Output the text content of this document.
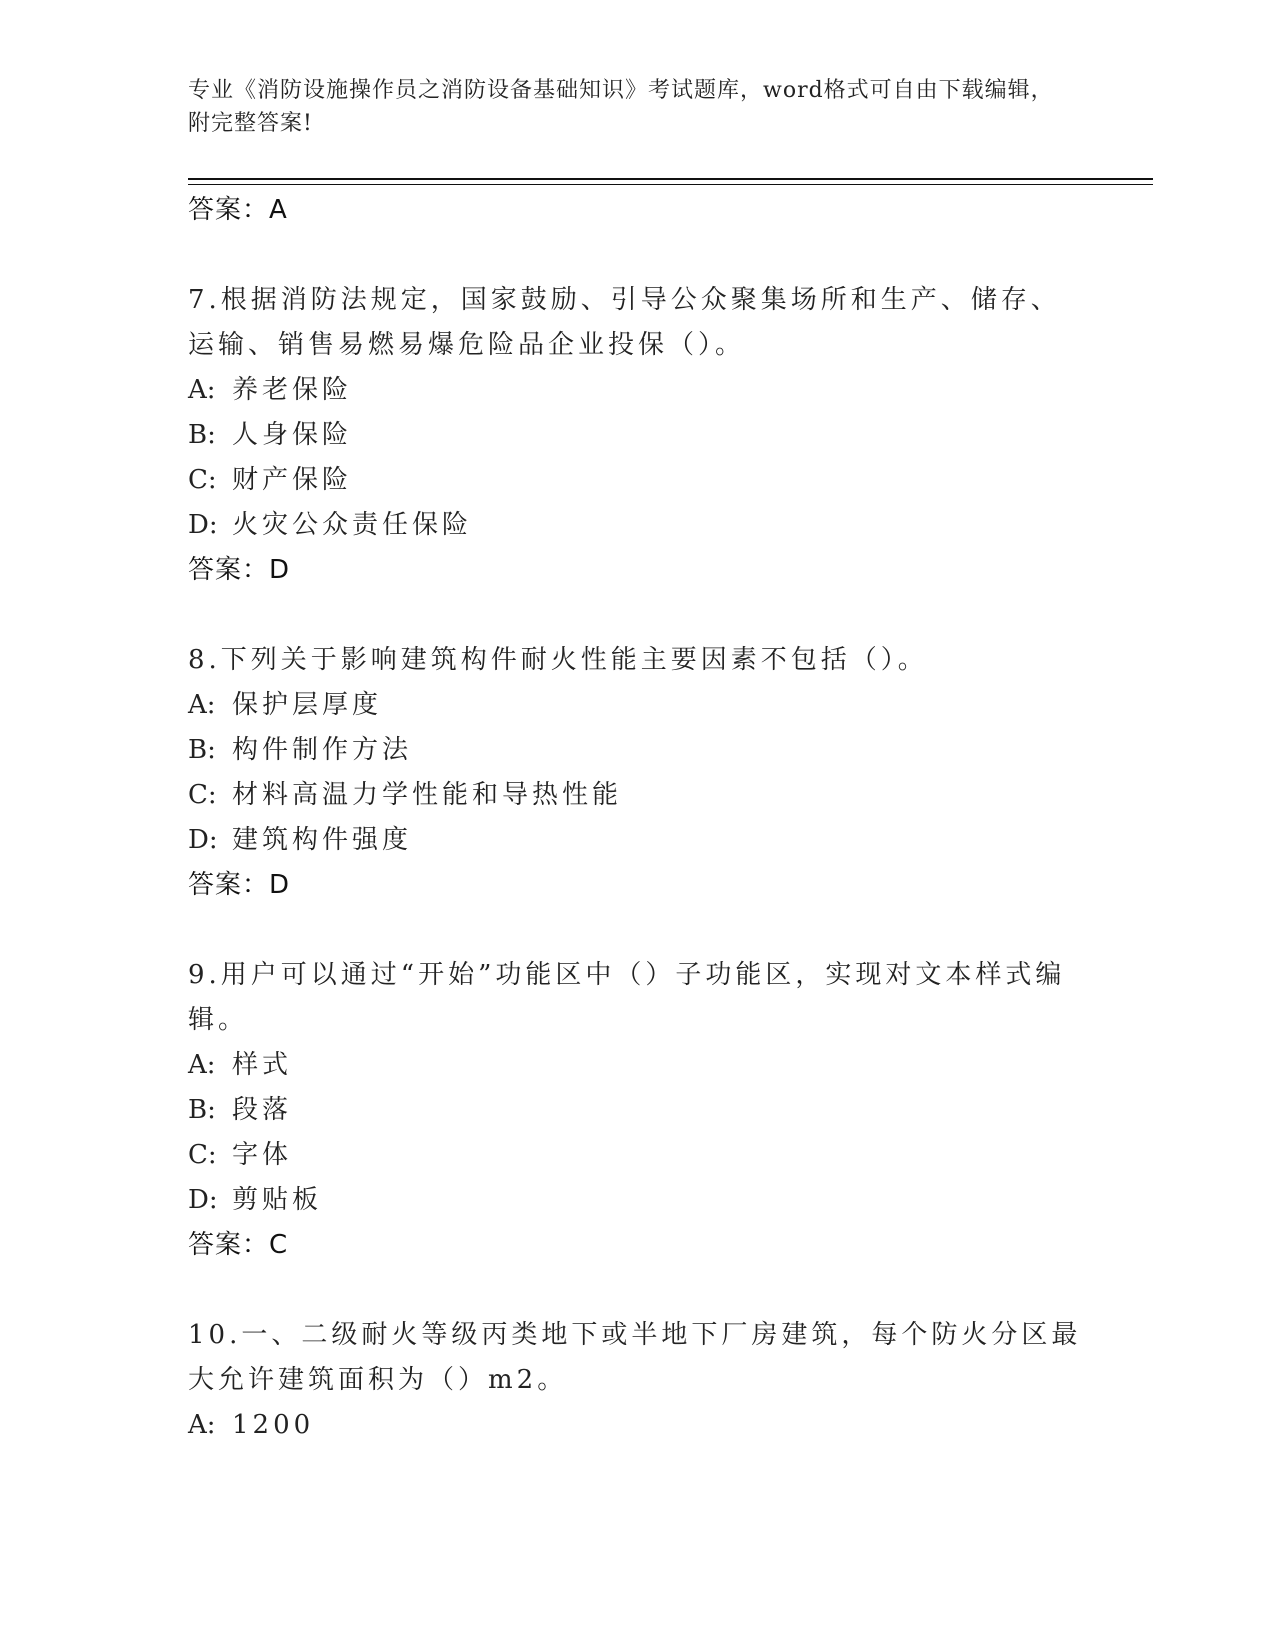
专业《消防设施操作员之消防设备基础知识》考试题库，word格式可自由下载编辑，附完整答案!
答案：A
7.根据消防法规定，国家鼓励、引导公众聚集场所和生产、储存、运输、销售易燃易爆危险品企业投保（）。
A: 养老保险
B: 人身保险
C: 财产保险
D: 火灾公众责任保险
答案：D
8.下列关于影响建筑构件耐火性能主要因素不包括（）。
A: 保护层厚度
B: 构件制作方法
C: 材料高温力学性能和导热性能
D: 建筑构件强度
答案：D
9.用户可以通过“开始”功能区中（）子功能区，实现对文本样式编辑。
A: 样式
B: 段落
C: 字体
D: 剪贴板
答案：C
10.一、二级耐火等级丙类地下或半地下厂房建筑，每个防火分区最大允许建筑面积为（）m2。
A: 1200
